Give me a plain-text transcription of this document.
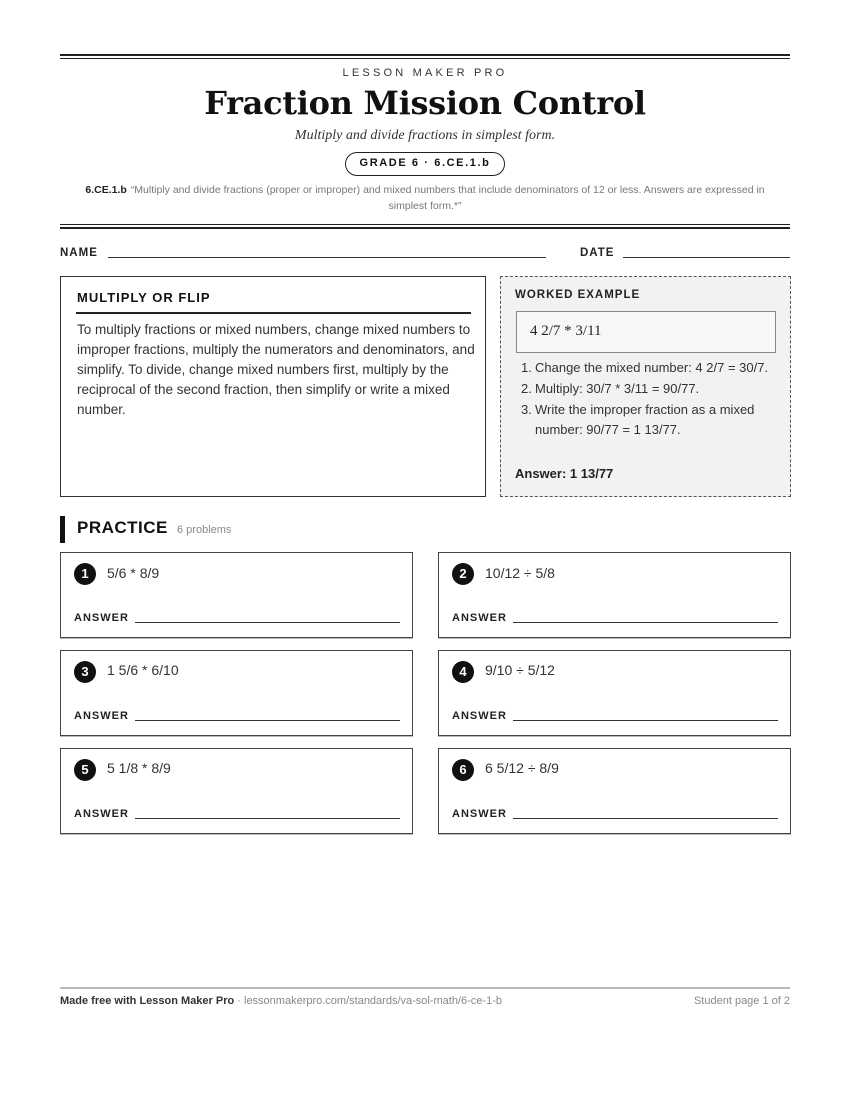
LESSON MAKER PRO
Fraction Mission Control
Multiply and divide fractions in simplest form.
GRADE 6 · 6.CE.1.b
6.CE.1.b “Multiply and divide fractions (proper or improper) and mixed numbers that include denominators of 12 or less. Answers are expressed in simplest form.*”
NAME	DATE
MULTIPLY OR FLIP
To multiply fractions or mixed numbers, change mixed numbers to improper fractions, multiply the numerators and denominators, and simplify. To divide, change mixed numbers first, multiply by the reciprocal of the second fraction, then simplify or write a mixed number.
WORKED EXAMPLE
4 2/7 * 3/11
1. Change the mixed number: 4 2/7 = 30/7.
2. Multiply: 30/7 * 3/11 = 90/77.
3. Write the improper fraction as a mixed number: 90/77 = 1 13/77.
Answer: 1 13/77
PRACTICE 6 problems
1	5/6 * 8/9
ANSWER
2	10/12 ÷ 5/8
ANSWER
3	1 5/6 * 6/10
ANSWER
4	9/10 ÷ 5/12
ANSWER
5	5 1/8 * 8/9
ANSWER
6	6 5/12 ÷ 8/9
ANSWER
Made free with Lesson Maker Pro · lessonmakerpro.com/standards/va-sol-math/6-ce-1-b	Student page 1 of 2
